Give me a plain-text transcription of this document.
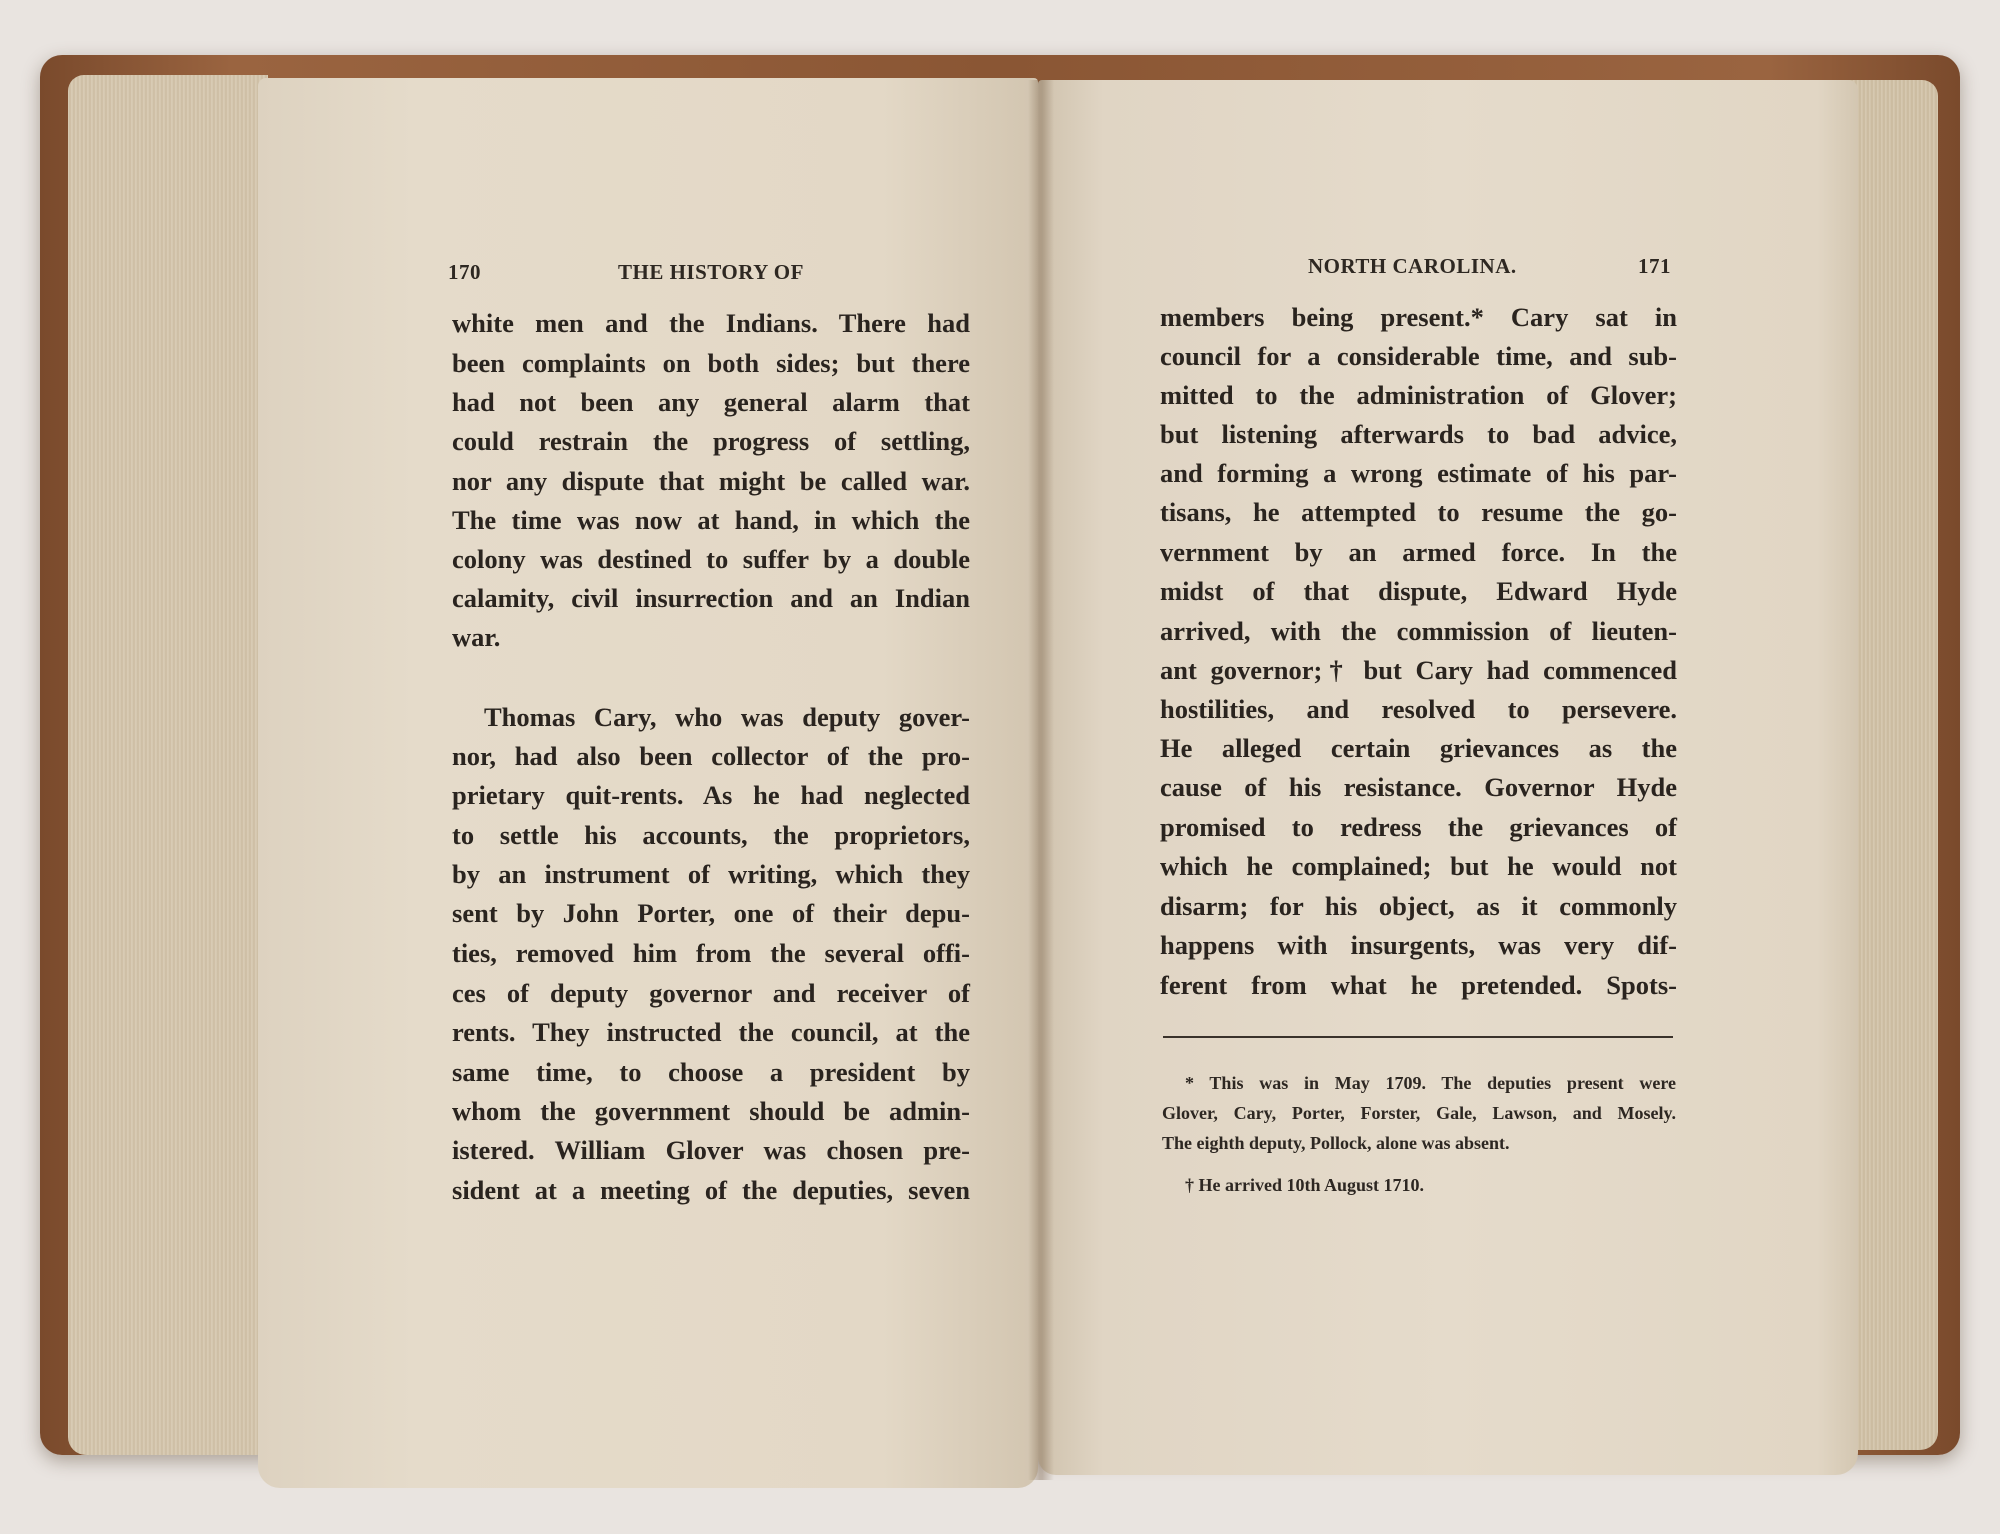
170	THE HISTORY OF
white men and the Indians. There had
been complaints on both sides; but there
had not been any general alarm that
could restrain the progress of settling,
nor any dispute that might be called war.
The time was now at hand, in which the
colony was destined to suffer by a double
calamity, civil insurrection and an Indian
war.
Thomas Cary, who was deputy gover-
nor, had also been collector of the pro-
prietary quit-rents. As he had neglected
to settle his accounts, the proprietors,
by an instrument of writing, which they
sent by John Porter, one of their depu-
ties, removed him from the several offi-
ces of deputy governor and receiver of
rents. They instructed the council, at the
same time, to choose a president by
whom the government should be admin-
istered. William Glover was chosen pre-
sident at a meeting of the deputies, seven
NORTH CAROLINA.	171
members being present.* Cary sat in
council for a considerable time, and sub-
mitted to the administration of Glover;
but listening afterwards to bad advice,
and forming a wrong estimate of his par-
tisans, he attempted to resume the go-
vernment by an armed force. In the
midst of that dispute, Edward Hyde
arrived, with the commission of lieuten-
ant governor;† but Cary had commenced
hostilities, and resolved to persevere.
He alleged certain grievances as the
cause of his resistance. Governor Hyde
promised to redress the grievances of
which he complained; but he would not
disarm; for his object, as it commonly
happens with insurgents, was very dif-
ferent from what he pretended. Spots-
* This was in May 1709. The deputies present were
Glover, Cary, Porter, Forster, Gale, Lawson, and Mosely.
The eighth deputy, Pollock, alone was absent.
† He arrived 10th August 1710.
